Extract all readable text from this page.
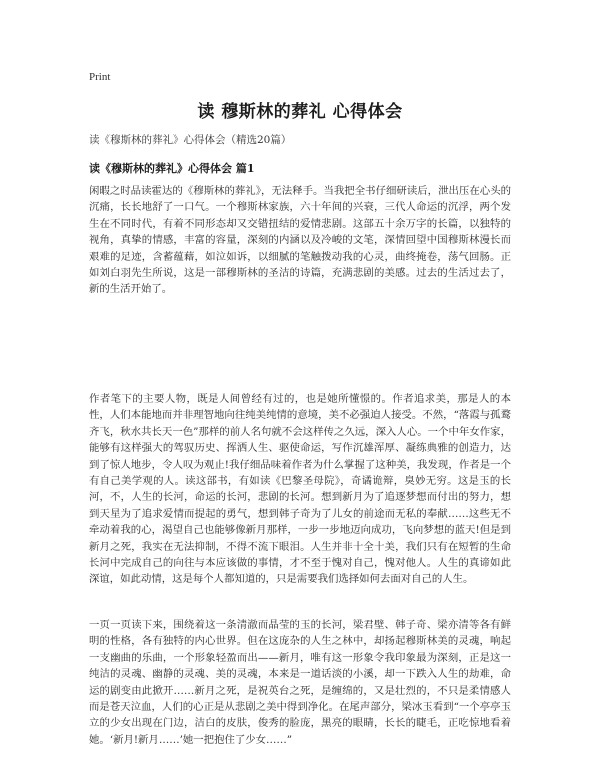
Print
读 穆斯林的葬礼 心得体会
读《穆斯林的葬礼》心得体会（精选20篇）
读《穆斯林的葬礼》心得体会 篇1

闲暇之时品读霍达的《穆斯林的葬礼》，无法释手。当我把全书仔细研读后，泄出压在心头的沉痛，长长地舒了一口气。一个穆斯林家族，六十年间的兴衰，三代人命运的沉浮，两个发生在不同时代，有着不同形态却又交错扭结的爱情悲剧。这部五十余万字的长篇，以独特的视角，真挚的情感，丰富的容量，深刻的内涵以及冷峻的文笔，深情回望中国穆斯林漫长而艰难的足迹，含蓄蕴藉，如泣如诉，以细腻的笔触拨动我的心灵，曲终掩卷，荡气回肠。正如刘白羽先生所说，这是一部穆斯林的圣洁的诗篇，充满悲剧的美感。过去的生活过去了，新的生活开始了。

作者笔下的主要人物，既是人间曾经有过的，也是她所懂憬的。作者追求美，那是人的本性，人们本能地而并非理智地向往纯美纯情的意境，美不必强迫人接受。不然，“落霞与孤鹜齐飞，秋水共长天一色”那样的前人名句就不会这样传之久远，深入人心。一个中年女作家，能够有这样强大的驾驭历史、挥洒人生、驱使命运，写作沉雄浑厚、凝练典雅的创造力，达到了惊人地步，令人叹为观止!我仔细品味着作者为什么掌握了这种美，我发现，作者是一个有自己美学观的人。读这部书，有如读《巴黎圣母院》，奇谲诡辩，臭妙无穷。这是玉的长河，不，人生的长河，命运的长河，悲剧的长河。想到新月为了追逐梦想而付出的努力，想到天星为了追求爱情而提起的勇气，想到韩子奇为了儿女的前途而无私的奉献……这些无不牵动着我的心，渴望自己也能够像新月那样，一步一步地迈向成功，飞向梦想的蓝天!但是到新月之死，我实在无法抑制，不得不流下眼泪。人生并非十全十美，我们只有在短暂的生命长河中完成自己的向往与本应该做的事情，才不至于愧对自己，愧对他人。人生的真谛如此深谊，如此动情，这是每个人都知道的，只是需要我们选择如何去面对自己的人生。

一页一页读下来，围绕着这一条清澈而晶莹的玉的长河，梁君壁、韩子奇、梁亦清等各有鲜明的性格，各有独特的内心世界。但在这庞杂的人生之林中，却扬起穆斯林美的灵魂，响起一支幽曲的乐曲，一个形象轻盈而出——新月，唯有这一形象令我印象最为深刻，正是这一纯洁的灵魂、幽静的灵魂、美的灵魂，本来是一道话淡的小溪，却一下跌入人生的劫难，命运的剧变由此掀开……新月之死，是祝英台之死，是缠绵的，又是壮烈的，不只是柔情感人而是苍天泣血，人们的心正是从悲剧之美中得到净化。在尾声部分，梁冰玉看到“一个亭亭玉立的少女出现在门边，洁白的皮肤，俊秀的脸庞，黑亮的眼睛，长长的睫毛，正吃惊地看着她。‘新月!新月……’她一把抱住了少女……”
